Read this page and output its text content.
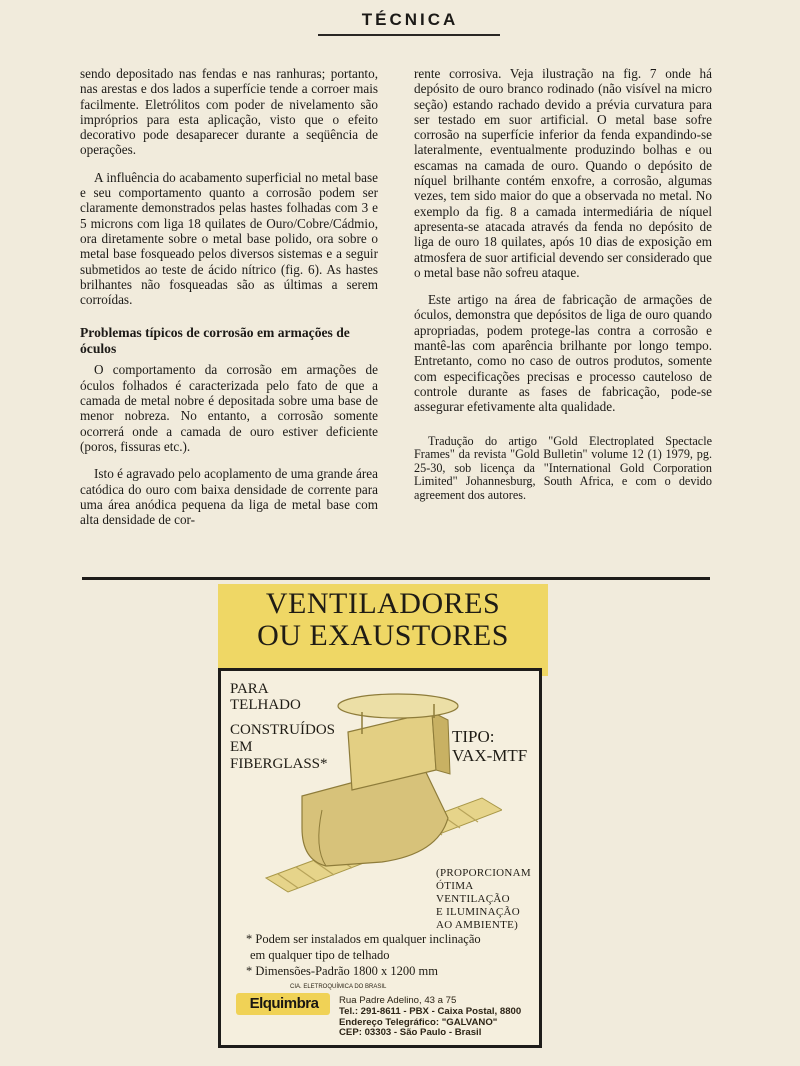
TÉCNICA

sendo depositado nas fendas e nas ranhuras; portanto, nas arestas e dos lados a superfície tende a corroer mais facilmente. Eletrólitos com poder de nivelamento são impróprios para esta aplicação, visto que o efeito decorativo pode desaparecer durante a seqüência de operações.

A influência do acabamento superficial no metal base e seu comportamento quanto a corrosão podem ser claramente demonstrados pelas hastes folhadas com 3 e 5 microns com liga 18 quilates de Ouro/Cobre/Cádmio, ora diretamente sobre o metal base polido, ora sobre o metal base fosqueado pelos diversos sistemas e a seguir submetidos ao teste de ácido nítrico (fig. 6). As hastes brilhantes não fosqueadas são as últimas a serem corroídas.

Problemas típicos de corrosão em armações de óculos

O comportamento da corrosão em armações de óculos folhados é caracterizada pelo fato de que a camada de metal nobre é depositada sobre uma base de menor nobreza. No entanto, a corrosão somente ocorrerá onde a camada de ouro estiver deficiente (poros, fissuras etc.).

Isto é agravado pelo acoplamento de uma grande área catódica do ouro com baixa densidade de corrente para uma área anódica pequena da liga de metal base com alta densidade de cor-

rente corrosiva. Veja ilustração na fig. 7 onde há depósito de ouro branco rodinado (não visível na micro seção) estando rachado devido a prévia curvatura para ser testado em suor artificial. O metal base sofre corrosão na superfície inferior da fenda expandindo-se lateralmente, eventualmente produzindo bolhas e ou escamas na camada de ouro. Quando o depósito de níquel brilhante contém enxofre, a corrosão, algumas vezes, tem sido maior do que a observada no metal. No exemplo da fig. 8 a camada intermediária de níquel apresenta-se atacada através da fenda no depósito de liga de ouro 18 quilates, após 10 dias de exposição em atmosfera de suor artificial devendo ser considerado que o metal base não sofreu ataque.

Este artigo na área de fabricação de armações de óculos, demonstra que depósitos de liga de ouro quando apropriadas, podem protege-las contra a corrosão e mantê-las com aparência brilhante por longo tempo. Entretanto, como no caso de outros produtos, somente com especificações precisas e processo cauteloso de controle durante as fases de fabricação, pode-se assegurar efetivamente alta qualidade.

Tradução do artigo "Gold Electroplated Spectacle Frames" da revista "Gold Bulletin" volume 12 (1) 1979, pg. 25-30, sob licença da "International Gold Corporation Limited" Johannesburg, South Africa, e com o devido agreement dos autores.
VENTILADORES
OU EXAUSTORES
PARA
TELHADO
CONSTRUÍDOS
EM
FIBERGLASS*
TIPO:
VAX-MTF
(PROPORCIONAM
ÓTIMA
VENTILAÇÃO
E ILUMINAÇÃO
AO AMBIENTE)
* Podem ser instalados em qualquer inclinação
em qualquer tipo de telhado
* Dimensões-Padrão 1800 x 1200 mm
CIA. ELETROQUÍMICA DO BRASIL
Elquimbra	Rua Padre Adelino, 43 a 75
Tel.: 291-8611 - PBX - Caixa Postal, 8800
Endereço Telegráfico: "GALVANO"
CEP: 03303 - São Paulo - Brasil
